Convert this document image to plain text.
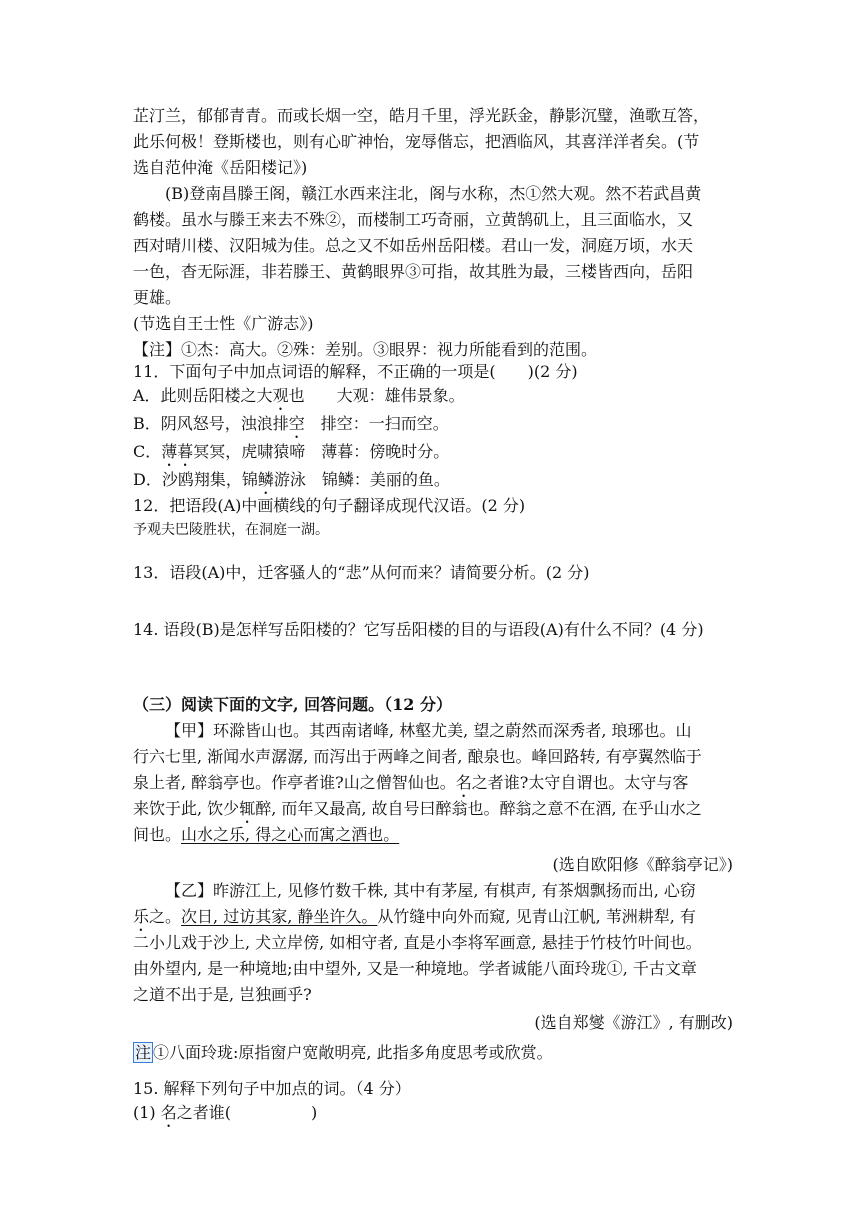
芷汀兰，郁郁青青。而或长烟一空，皓月千里，浮光跃金，静影沉璧，渔歌互答，

此乐何极！登斯楼也，则有心旷神怡，宠辱偕忘，把酒临风，其喜洋洋者矣。(节

选自范仲淹《岳阳楼记》)

(B)登南昌滕王阁，赣江水西来注北，阁与水称，杰①然大观。然不若武昌黄

鹤楼。虽水与滕王来去不殊②，而楼制工巧奇丽，立黄鹄矶上，且三面临水，又

西对晴川楼、汉阳城为佳。总之又不如岳州岳阳楼。君山一发，洞庭万顷，水天

一色，杳无际涯，非若滕王、黄鹤眼界③可指，故其胜为最，三楼皆西向，岳阳

更雄。

(节选自王士性《广游志》)

【注】①杰：高大。②殊：差别。③眼界：视力所能看到的范围。

11．下面句子中加点词语的解释，不正确的一项是(　　)(2 分)

A．此则岳阳楼之大观也　　大观：雄伟景象。

B．阴风怒号，浊浪排空　排空：一扫而空。

C．薄暮冥冥，虎啸猿啼　薄暮：傍晚时分。

D．沙鸥翔集，锦鳞游泳　锦鳞：美丽的鱼。

12．把语段(A)中画横线的句子翻译成现代汉语。(2 分)

予观夫巴陵胜状，在洞庭一湖。

13．语段(A)中，迁客骚人的“悲”从何而来？请简要分析。(2 分)

14. 语段(B)是怎样写岳阳楼的？它写岳阳楼的目的与语段(A)有什么不同？(4 分)

（三）阅读下面的文字, 回答问题。（12 分）

【甲】环滁皆山也。其西南诸峰, 林壑尤美, 望之蔚然而深秀者, 琅琊也。山

行六七里, 渐闻水声潺潺, 而泻出于两峰之间者, 酿泉也。峰回路转, 有亭翼然临于

泉上者, 醉翁亭也。作亭者谁?山之僧智仙也。名之者谁?太守自谓也。太守与客

来饮于此, 饮少辄醉, 而年又最高, 故自号曰醉翁也。醉翁之意不在酒, 在乎山水之

间也。山水之乐, 得之心而寓之酒也。

(选自欧阳修《醉翁亭记》)

【乙】昨游江上, 见修竹数千株, 其中有茅屋, 有棋声, 有茶烟飘扬而出, 心窃

乐之。次日, 过访其家, 静坐许久。从竹缝中向外而窥, 见青山江帆, 苇洲耕犁, 有

二小儿戏于沙上, 犬立岸傍, 如相守者, 直是小李将军画意, 悬挂于竹枝竹叶间也。

由外望内, 是一种境地;由中望外, 又是一种境地。学者诚能八面玲珑①, 千古文章

之道不出于是, 岂独画乎?

(选自郑燮《游江》, 有删改)

注 ①八面玲珑:原指窗户宽敞明亮, 此指多角度思考或欣赏。

15. 解释下列句子中加点的词。（4 分）

(1) 名之者谁(　　　　　)
